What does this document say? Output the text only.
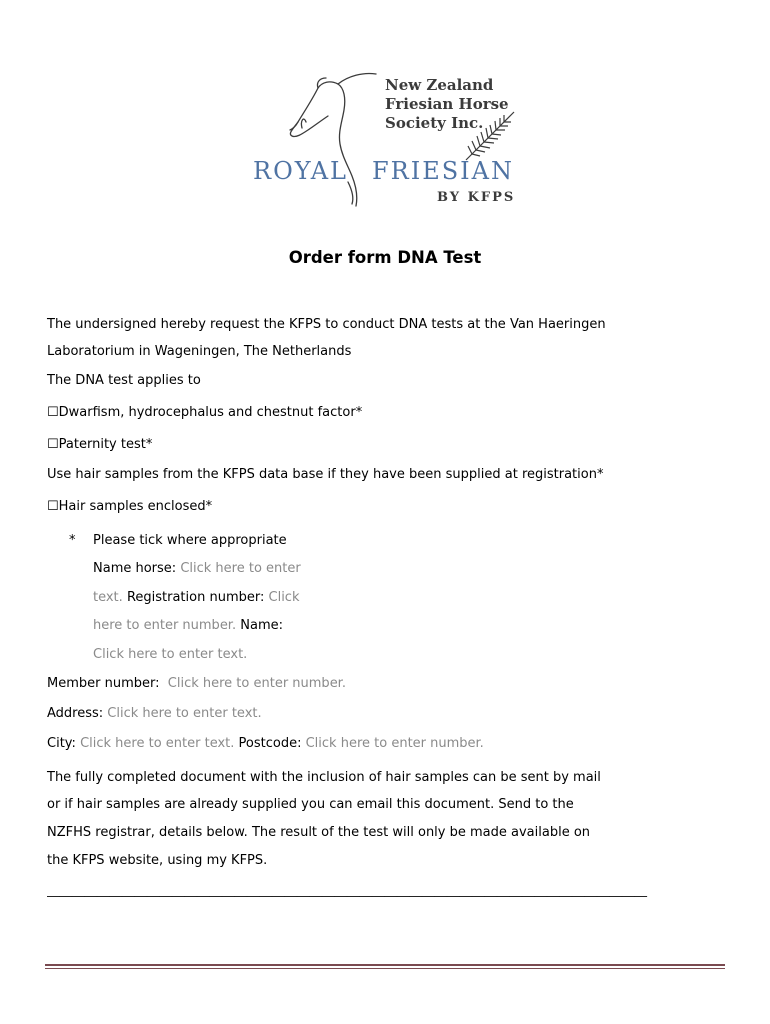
New Zealand
Friesian Horse
Society Inc.
ROYAL FRIESIAN
BY KFPS
Order form DNA Test
The undersigned hereby request the KFPS to conduct DNA tests at the Van Haeringen
Laboratorium in Wageningen, The Netherlands
The DNA test applies to
☐Dwarfism, hydrocephalus and chestnut factor*
☐Paternity test*
Use hair samples from the KFPS data base if they have been supplied at registration*
☐Hair samples enclosed*
* Please tick where appropriate
Name horse: Click here to enter
text. Registration number: Click
here to enter number. Name:
Click here to enter text.
Member number: Click here to enter number.
Address: Click here to enter text.
City: Click here to enter text. Postcode: Click here to enter number.
The fully completed document with the inclusion of hair samples can be sent by mail
or if hair samples are already supplied you can email this document. Send to the
NZFHS registrar, details below. The result of the test will only be made available on
the KFPS website, using my KFPS.
________________________________________________________________________________________________
